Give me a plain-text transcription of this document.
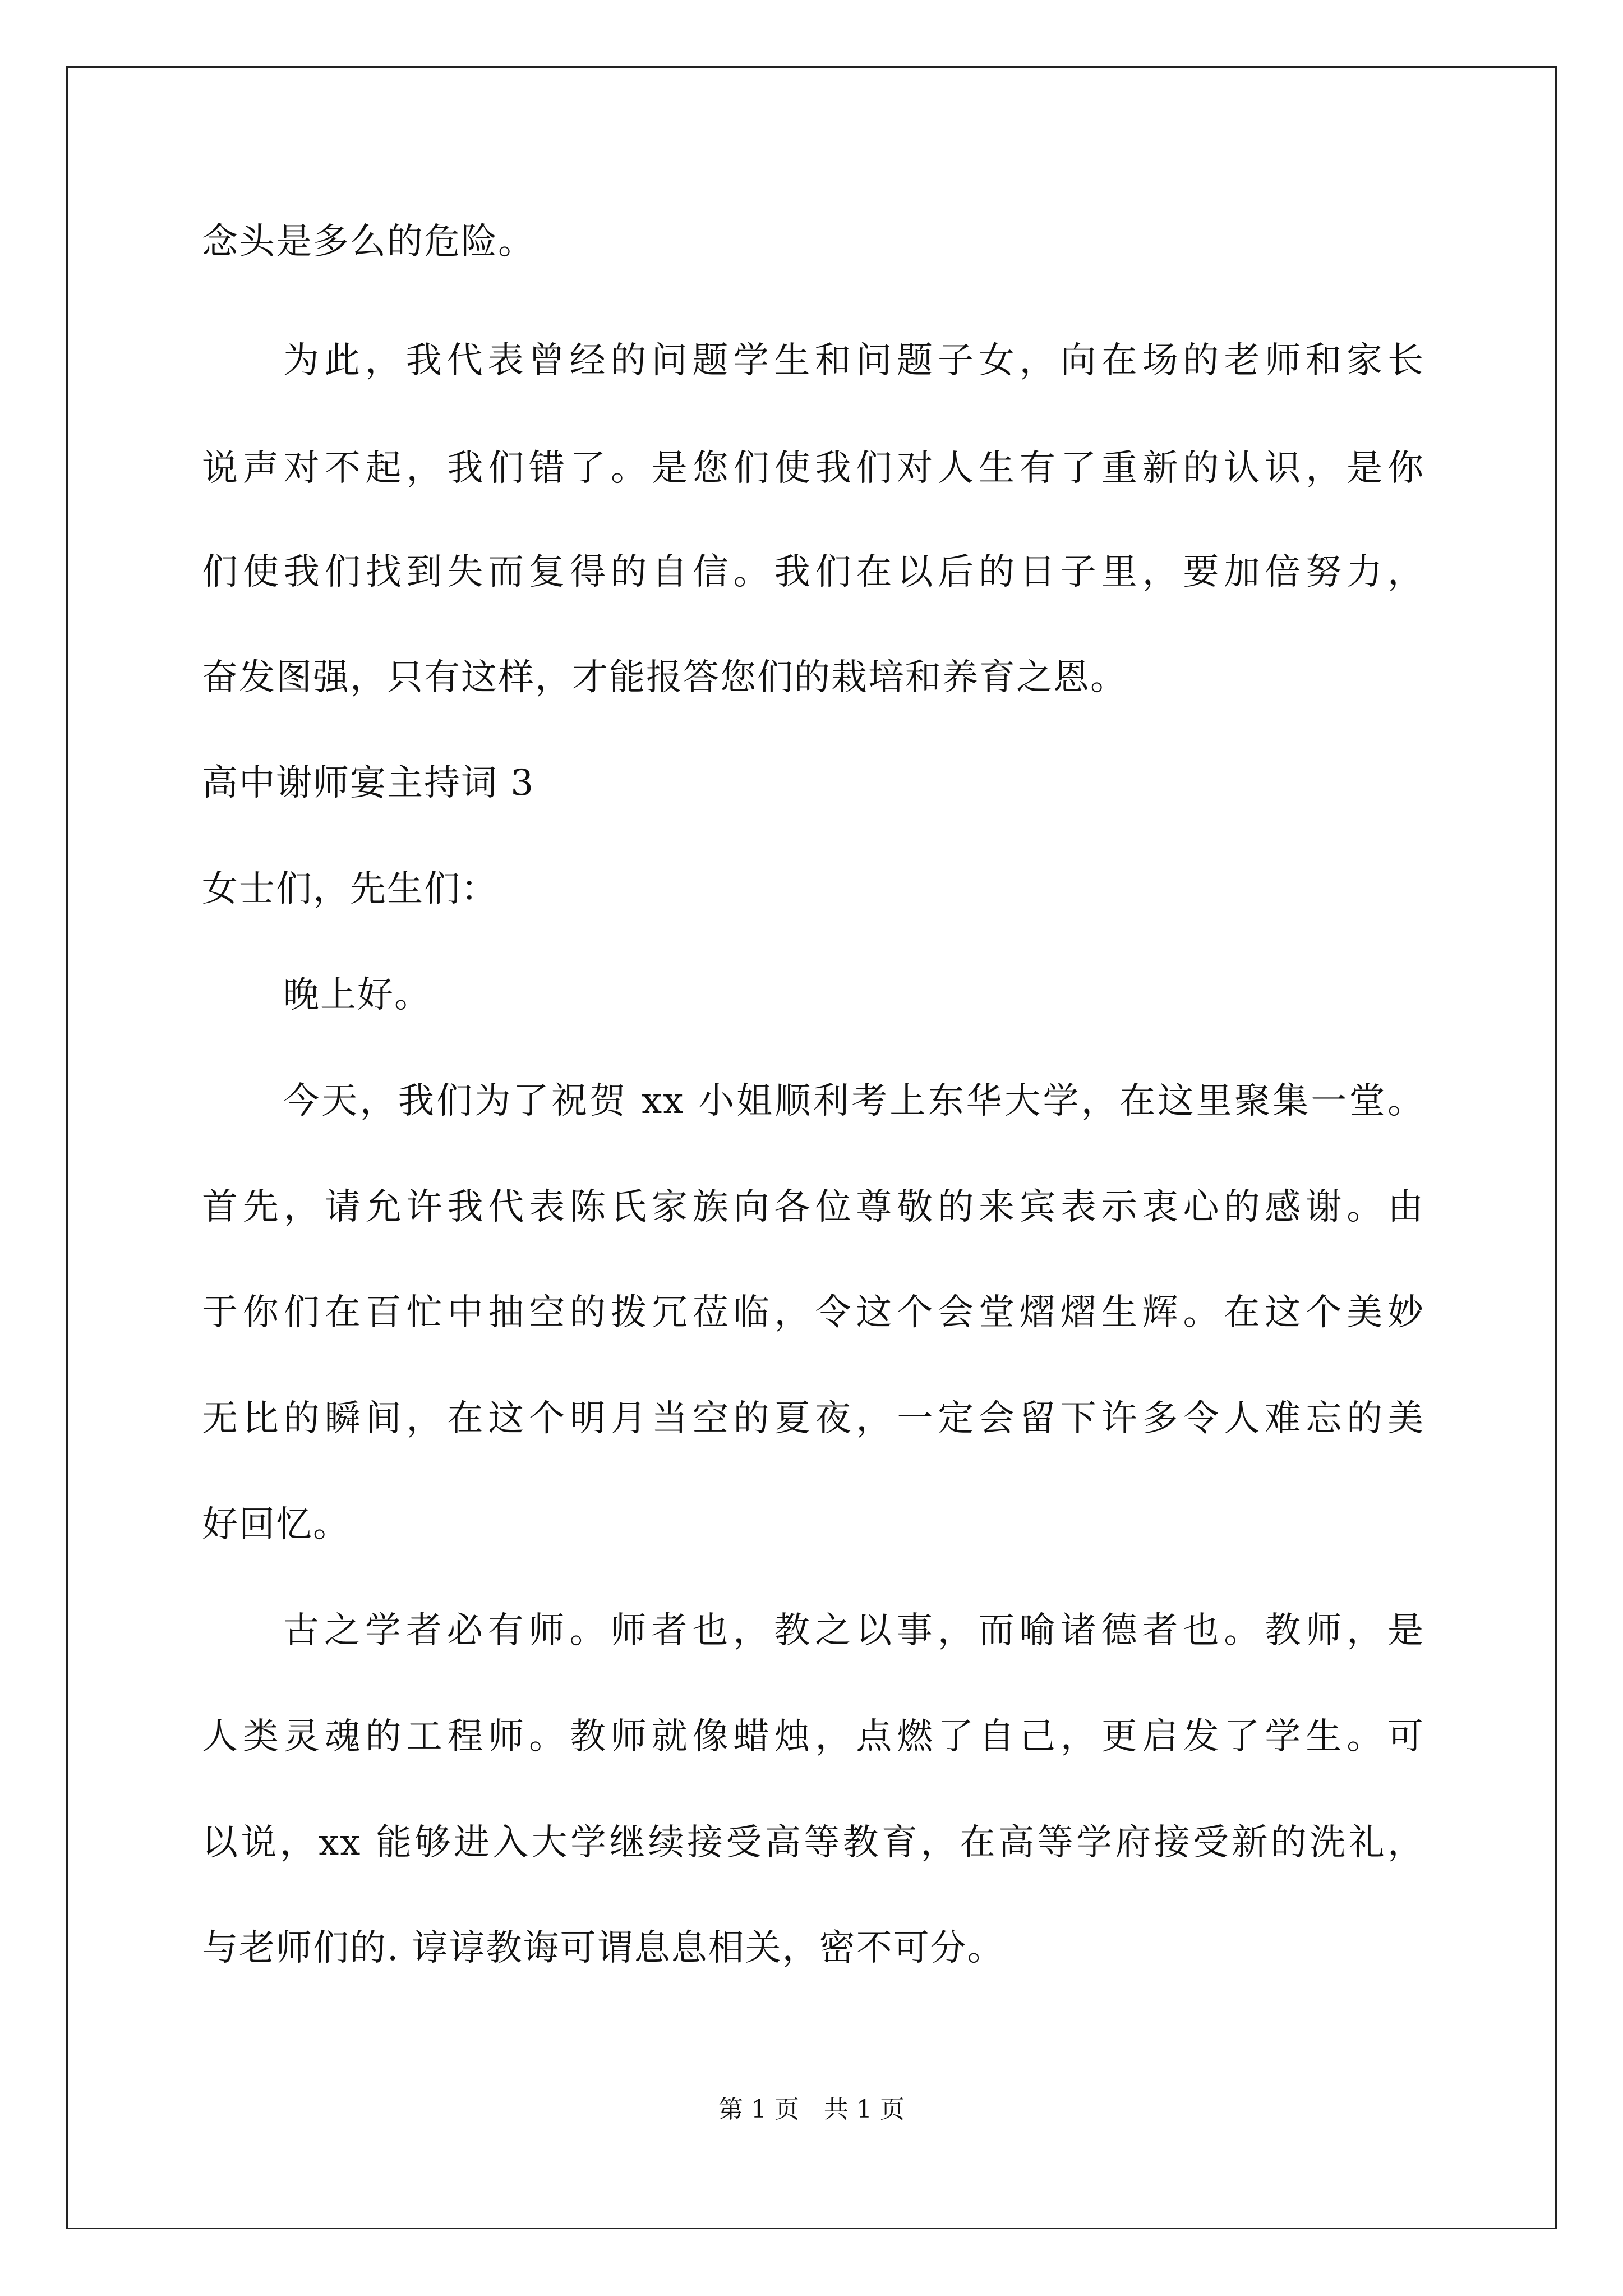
念头是多么的危险。
为此，我代表曾经的问题学生和问题子女，向在场的老师和家长
说声对不起，我们错了。是您们使我们对人生有了重新的认识，是你
们使我们找到失而复得的自信。我们在以后的日子里，要加倍努力，
奋发图强，只有这样，才能报答您们的栽培和养育之恩。
高中谢师宴主持词 3
女士们，先生们：
晚上好。
今天，我们为了祝贺 xx 小姐顺利考上东华大学，在这里聚集一堂。
首先，请允许我代表陈氏家族向各位尊敬的来宾表示衷心的感谢。由
于你们在百忙中抽空的拨冗莅临，令这个会堂熠熠生辉。在这个美妙
无比的瞬间，在这个明月当空的夏夜，一定会留下许多令人难忘的美
好回忆。
古之学者必有师。师者也，教之以事，而喻诸德者也。教师，是
人类灵魂的工程师。教师就像蜡烛，点燃了自己，更启发了学生。可
以说，xx 能够进入大学继续接受高等教育，在高等学府接受新的洗礼，
与老师们的. 谆谆教诲可谓息息相关，密不可分。
第 1 页　共 1 页
